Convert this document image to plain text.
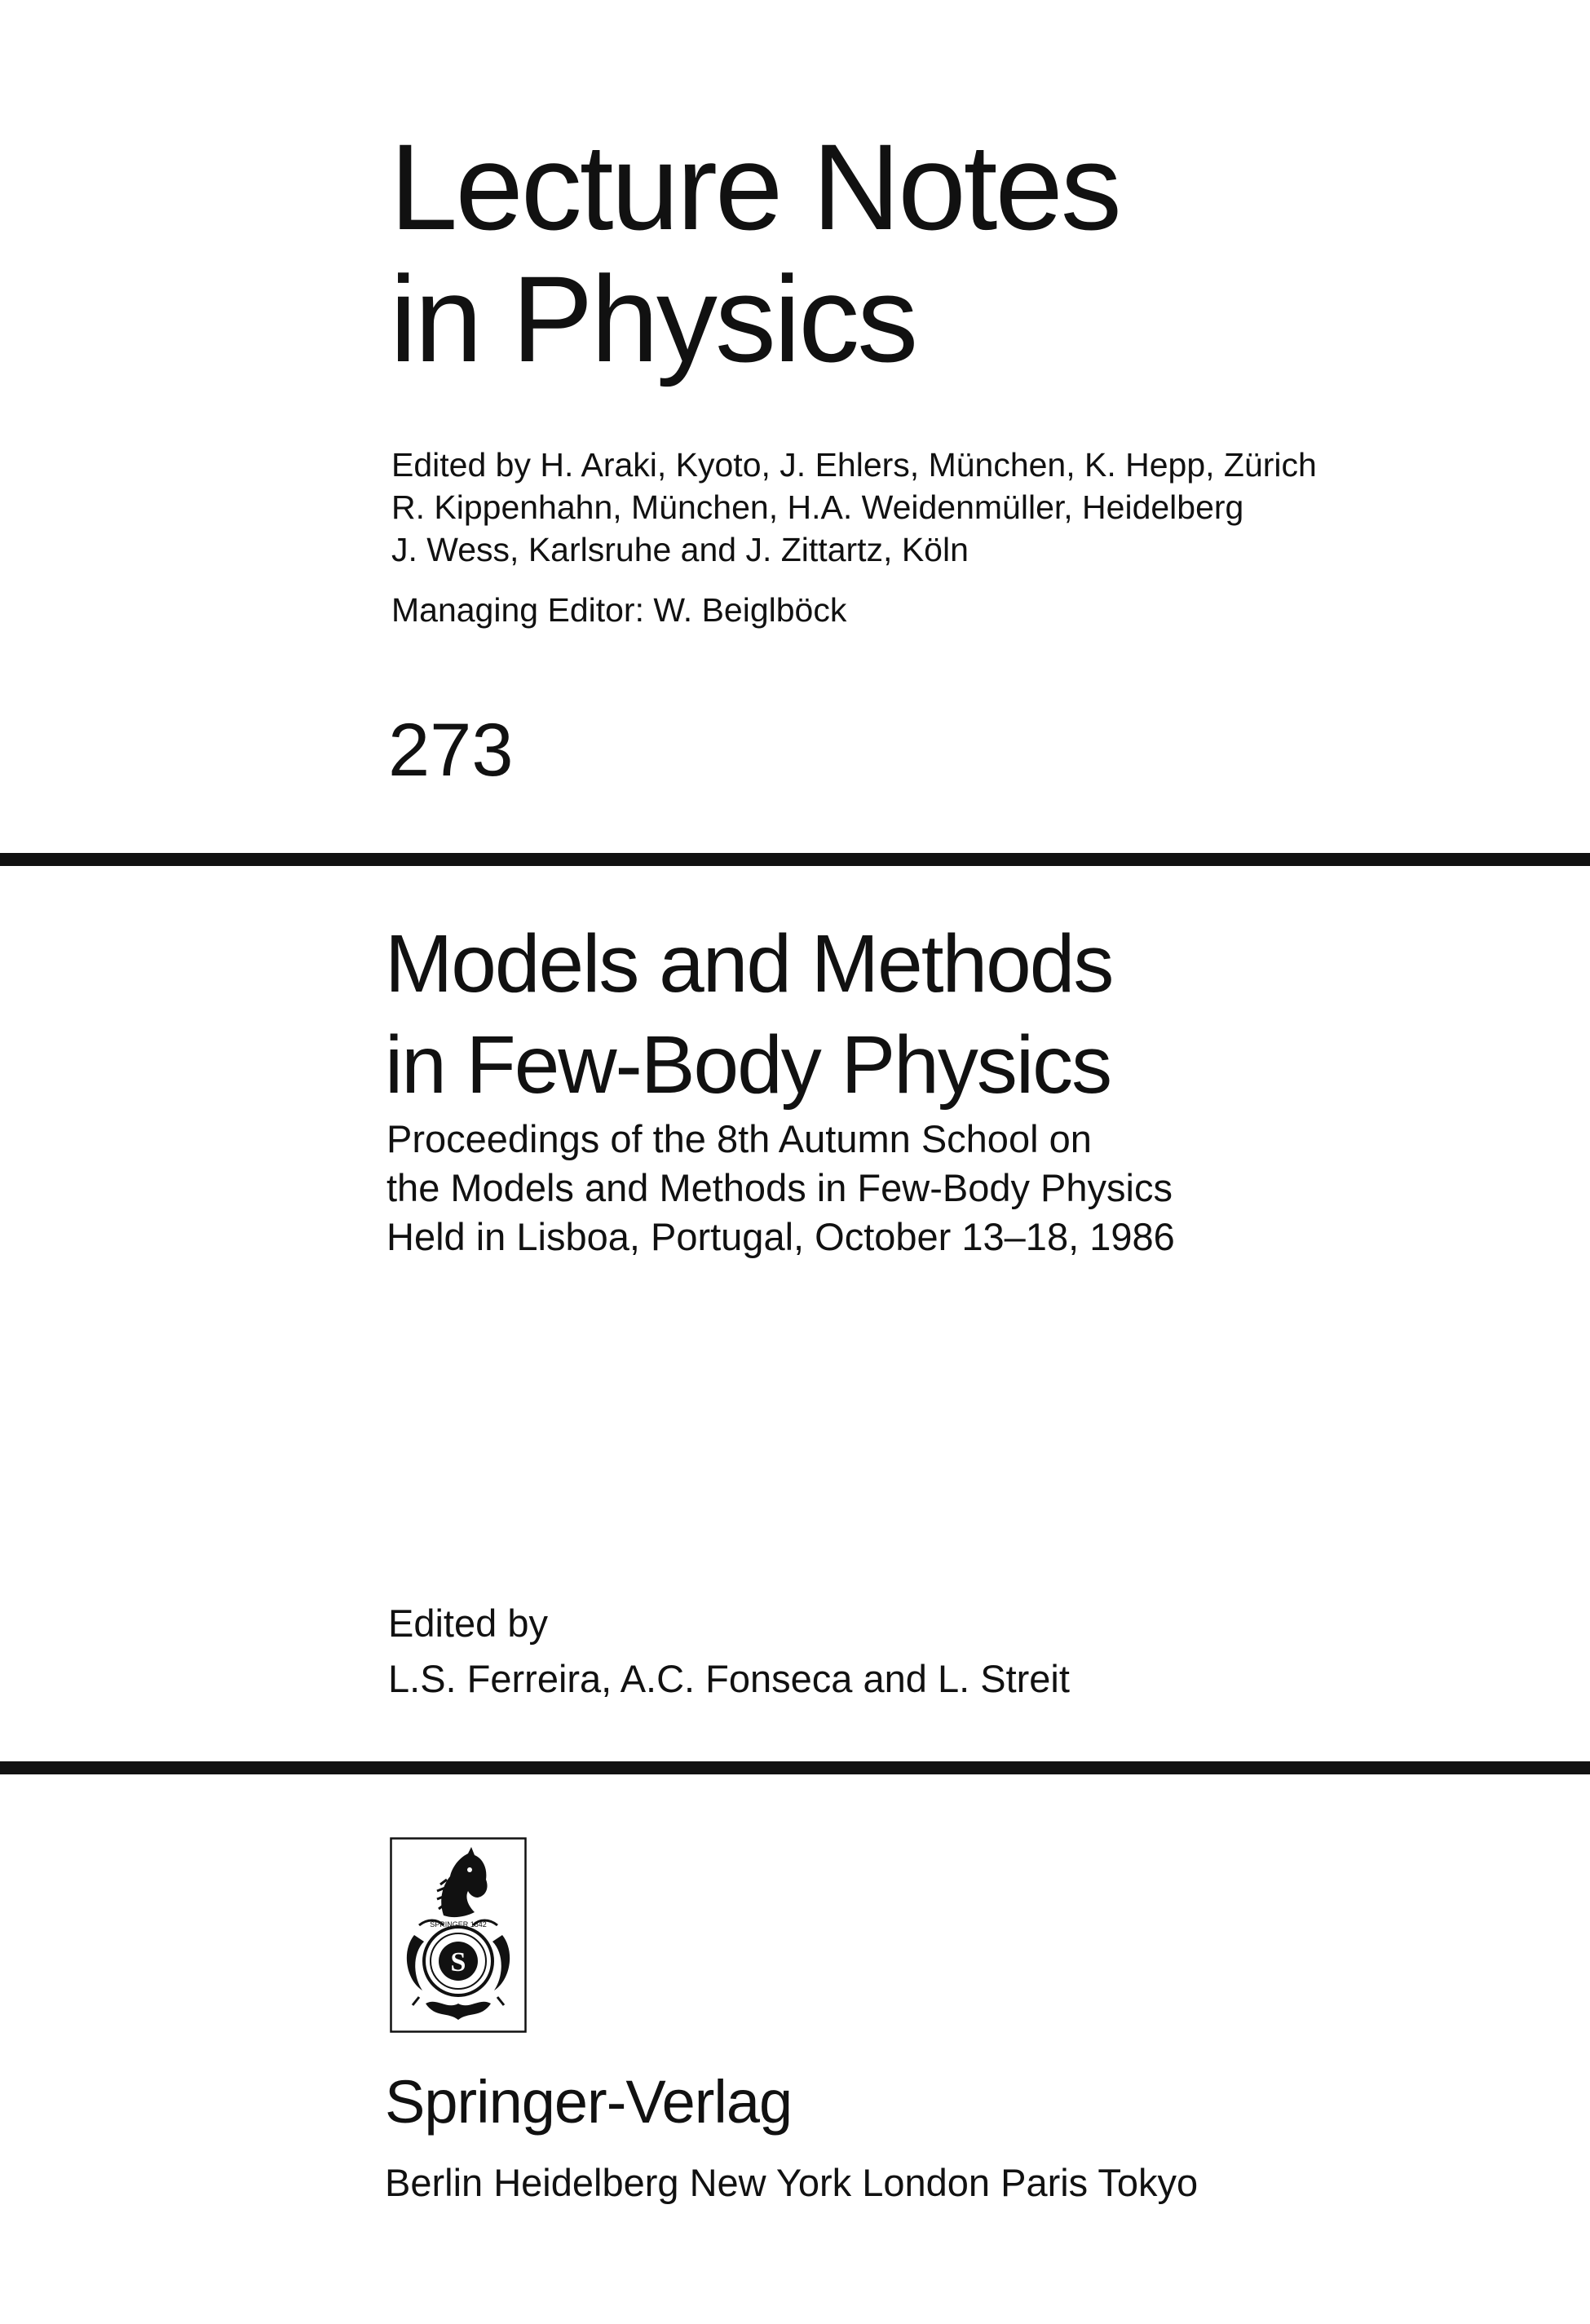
Lecture Notes
in Physics
Edited by H. Araki, Kyoto, J. Ehlers, München, K. Hepp, Zürich
R. Kippenhahn, München, H.A. Weidenmüller, Heidelberg
J. Wess, Karlsruhe and J. Zittartz, Köln
Managing Editor: W. Beiglböck
273
Models and Methods
in Few-Body Physics
Proceedings of the 8th Autumn School on
the Models and Methods in Few-Body Physics
Held in Lisboa, Portugal, October 13–18, 1986
Edited by
L.S. Ferreira, A.C. Fonseca and L. Streit
S
SPRINGER 1842
Springer-Verlag
Berlin Heidelberg New York London Paris Tokyo
